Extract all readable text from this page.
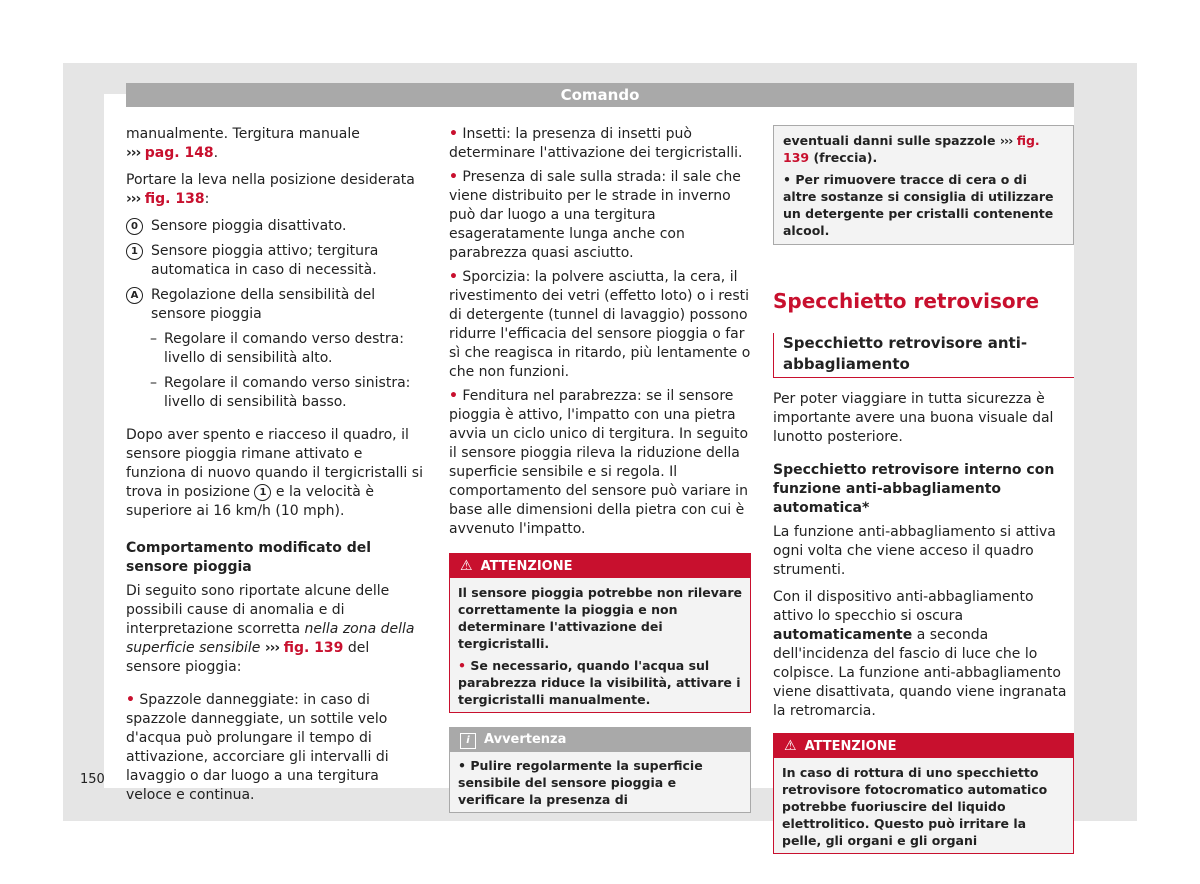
Comando

manualmente. Tergitura manuale
››› pag. 148.

Portare la leva nella posizione desiderata
››› fig. 138:

0 Sensore pioggia disattivato.
1 Sensore pioggia attivo; tergitura automatica in caso di necessità.
A Regolazione della sensibilità del sensore pioggia
– Regolare il comando verso destra: livello di sensibilità alto.
– Regolare il comando verso sinistra: livello di sensibilità basso.

Dopo aver spento e riacceso il quadro, il sensore pioggia rimane attivato e funziona di nuovo quando il tergicristalli si trova in posizione 1 e la velocità è superiore ai 16 km/h (10 mph).

Comportamento modificato del sensore pioggia

Di seguito sono riportate alcune delle possibili cause di anomalia e di interpretazione scorretta nella zona della superficie sensibile ››› fig. 139 del sensore pioggia:

• Spazzole danneggiate: in caso di spazzole danneggiate, un sottile velo d'acqua può prolungare il tempo di attivazione, accorciare gli intervalli di lavaggio o dar luogo a una tergitura veloce e continua.

• Insetti: la presenza di insetti può determinare l'attivazione dei tergicristalli.

• Presenza di sale sulla strada: il sale che viene distribuito per le strade in inverno può dar luogo a una tergitura esageratamente lunga anche con parabrezza quasi asciutto.

• Sporcizia: la polvere asciutta, la cera, il rivestimento dei vetri (effetto loto) o i resti di detergente (tunnel di lavaggio) possono ridurre l'efficacia del sensore pioggia o far sì che reagisca in ritardo, più lentamente o che non funzioni.

• Fenditura nel parabrezza: se il sensore pioggia è attivo, l'impatto con una pietra avvia un ciclo unico di tergitura. In seguito il sensore pioggia rileva la riduzione della superficie sensibile e si regola. Il comportamento del sensore può variare in base alle dimensioni della pietra con cui è avvenuto l'impatto.

⚠ ATTENZIONE
Il sensore pioggia potrebbe non rilevare correttamente la pioggia e non determinare l'attivazione dei tergicristalli.
• Se necessario, quando l'acqua sul parabrezza riduce la visibilità, attivare i tergicristalli manualmente.
i Avvertenza
• Pulire regolarmente la superficie sensibile del sensore pioggia e verificare la presenza di
eventuali danni sulle spazzole ››› fig. 139 (freccia).
• Per rimuovere tracce di cera o di altre sostanze si consiglia di utilizzare un detergente per cristalli contenente alcool.
Specchietto retrovisore
Specchietto retrovisore anti-abbagliamento

Per poter viaggiare in tutta sicurezza è importante avere una buona visuale dal lunotto posteriore.

Specchietto retrovisore interno con funzione anti-abbagliamento automatica*

La funzione anti-abbagliamento si attiva ogni volta che viene acceso il quadro strumenti.

Con il dispositivo anti-abbagliamento attivo lo specchio si oscura automaticamente a seconda dell'incidenza del fascio di luce che lo colpisce. La funzione anti-abbagliamento viene disattivata, quando viene ingranata la retromarcia.

⚠ ATTENZIONE
In caso di rottura di uno specchietto retrovisore fotocromatico automatico potrebbe fuoriuscire del liquido elettrolitico. Questo può irritare la pelle, gli organi e gli organi
150
